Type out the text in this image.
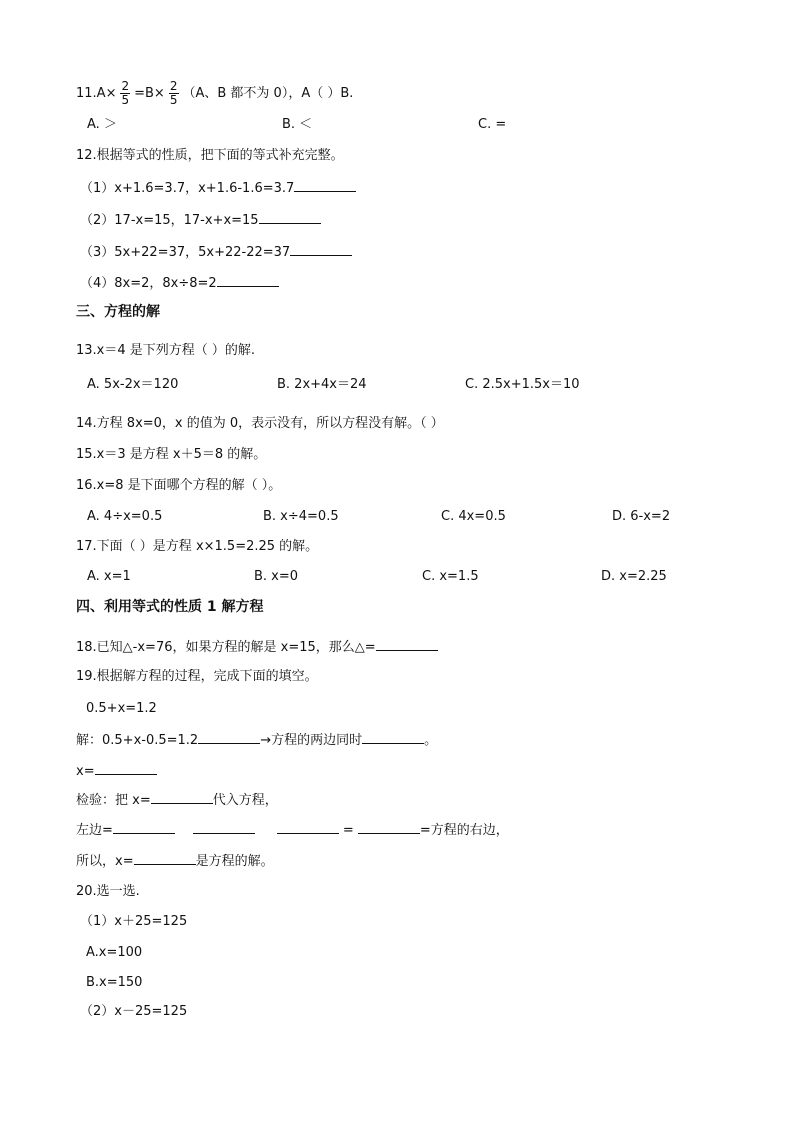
$11.A\times \frac{2}{5} =B\times \frac{2}{5} (A$、B 都不为 0），A（ ）B.
A. ＞	B. ＜	C. =
12.根据等式的性质，把下面的等式补充完整。
（1）x+1.6=3.7，x+1.6-1.6=3.7
（2）17-x=15，17-x+x=15
（3）5x+22=37，5x+22-22=37
（4）8x=2，8x÷8=2
三、方程的解
13.x＝4 是下列方程（ ）的解.
A. 5x-2x＝120	B. 2x+4x＝24	C. 2.5x+1.5x＝10
14.方程 8x=0，x 的值为 0，表示没有，所以方程没有解。（ ）
15.x＝3 是方程 x＋5＝8 的解。
16.x=8 是下面哪个方程的解（ ）。
A. 4÷x=0.5	B. x÷4=0.5	C. 4x=0.5	D. 6-x=2
17.下面（ ）是方程 x×1.5=2.25 的解。
A. x=1	B. x=0	C. x=1.5	D. x=2.25
四、利用等式的性质 1 解方程
18.已知△-x=76，如果方程的解是 x=15，那么△=
19.根据解方程的过程，完成下面的填空。
0.5+x=1.2
解：0.5+x-0.5=1.2	→方程的两边同时	。
x=
检验：把 x=	代入方程，
左边=	=	=方程的右边，
所以，x=	是方程的解。
20.选一选.
（1）x＋25=125
A.x=100
B.x=150
（2）x－25=125
